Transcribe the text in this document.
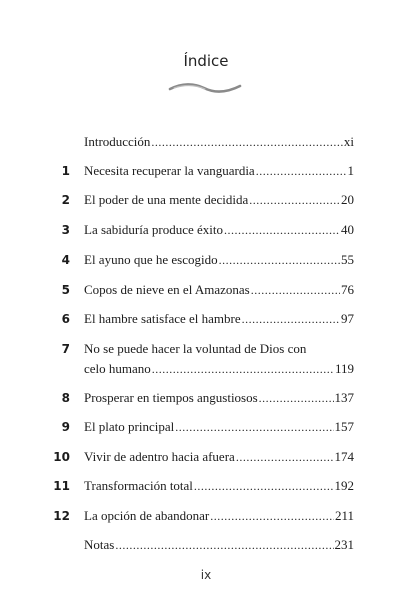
Índice
Introducción .....	xi
1 Necesita recuperar la vanguardia .....	1
2 El poder de una mente decidida .....	20
3 La sabiduría produce éxito .....	40
4 El ayuno que he escogido .....	55
5 Copos de nieve en el Amazonas .....	76
6 El hambre satisface el hambre .....	97
7 No se puede hacer la voluntad de Dios con
celo humano .....	119
8 Prosperar en tiempos angustiosos .....	137
9 El plato principal .....	157
10 Vivir de adentro hacia afuera .....	174
11 Transformación total .....	192
12 La opción de abandonar .....	211
Notas .....	231
ix
